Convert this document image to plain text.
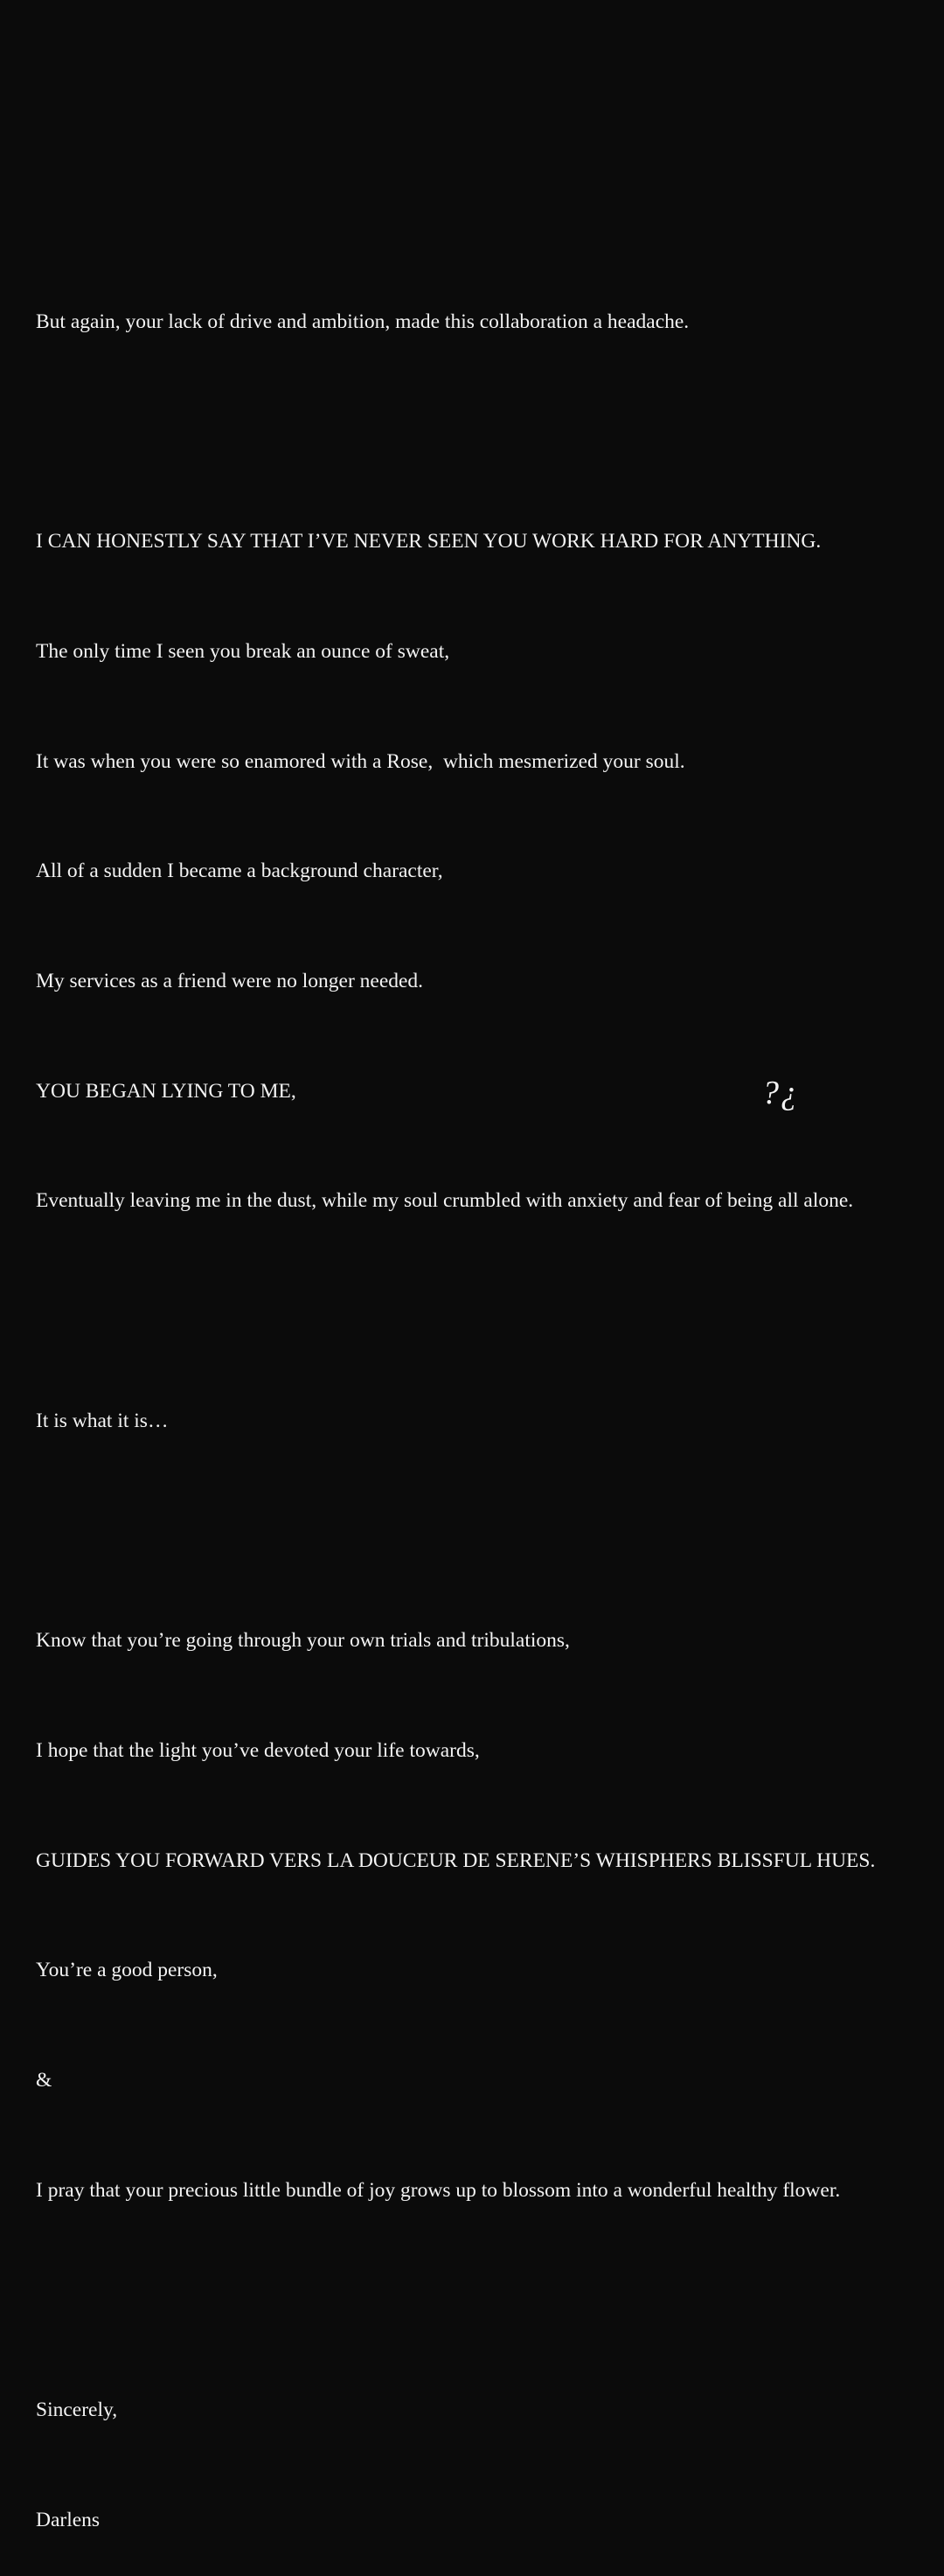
But again, your lack of drive and ambition, made this collaboration a headache.

I CAN HONESTLY SAY THAT I’VE NEVER SEEN YOU WORK HARD FOR ANYTHING.

The only time I seen you break an ounce of sweat,

It was when you were so enamored with a Rose,  which mesmerized your soul.

All of a sudden I became a background character,

My services as a friend were no longer needed.

YOU BEGAN LYING TO ME,

Eventually leaving me in the dust, while my soul crumbled with anxiety and fear of being all alone.

It is what it is…

Know that you’re going through your own trials and tribulations,

I hope that the light you’ve devoted your life towards,

GUIDES YOU FORWARD VERS LA DOUCEUR DE SERENE’S WHISPHERS BLISSFUL HUES.

You’re a good person,

&

I pray that your precious little bundle of joy grows up to blossom into a wonderful healthy flower.

Sincerely,

Darlens

?¿
